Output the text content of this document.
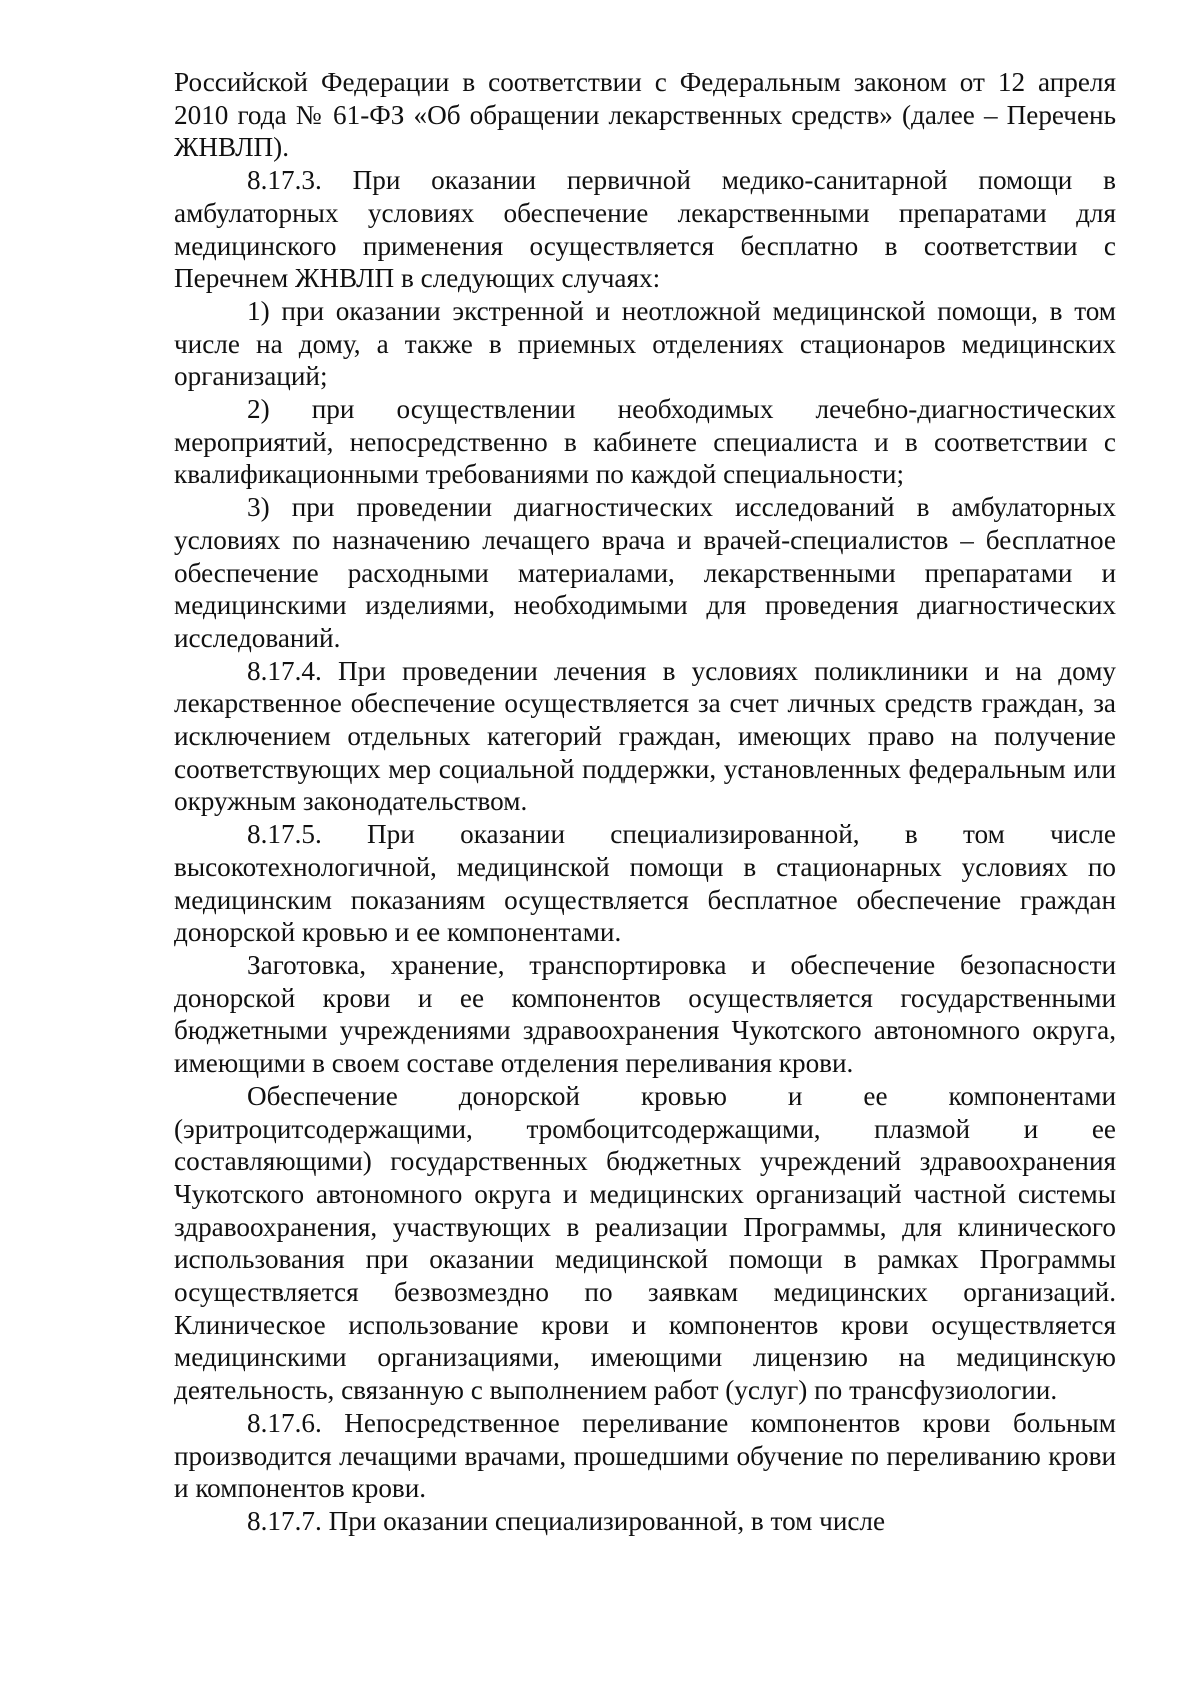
Российской Федерации в соответствии с Федеральным законом от 12 апреля 2010 года № 61-ФЗ «Об обращении лекарственных средств» (далее – Перечень ЖНВЛП).

8.17.3. При оказании первичной медико-санитарной помощи в амбулаторных условиях обеспечение лекарственными препаратами для медицинского применения осуществляется бесплатно в соответствии с Перечнем ЖНВЛП в следующих случаях:

1) при оказании экстренной и неотложной медицинской помощи, в том числе на дому, а также в приемных отделениях стационаров медицинских организаций;

2) при осуществлении необходимых лечебно-диагностических мероприятий, непосредственно в кабинете специалиста и в соответствии с квалификационными требованиями по каждой специальности;

3) при проведении диагностических исследований в амбулаторных условиях по назначению лечащего врача и врачей-специалистов – бесплатное обеспечение расходными материалами, лекарственными препаратами и медицинскими изделиями, необходимыми для проведения диагностических исследований.

8.17.4. При проведении лечения в условиях поликлиники и на дому лекарственное обеспечение осуществляется за счет личных средств граждан, за исключением отдельных категорий граждан, имеющих право на получение соответствующих мер социальной поддержки, установленных федеральным или окружным законодательством.

8.17.5. При оказании специализированной, в том числе высокотехнологичной, медицинской помощи в стационарных условиях по медицинским показаниям осуществляется бесплатное обеспечение граждан донорской кровью и ее компонентами.

Заготовка, хранение, транспортировка и обеспечение безопасности донорской крови и ее компонентов осуществляется государственными бюджетными учреждениями здравоохранения Чукотского автономного округа, имеющими в своем составе отделения переливания крови.

Обеспечение донорской кровью и ее компонентами (эритроцитсодержащими, тромбоцитсодержащими, плазмой и ее составляющими) государственных бюджетных учреждений здравоохранения Чукотского автономного округа и медицинских организаций частной системы здравоохранения, участвующих в реализации Программы, для клинического использования при оказании медицинской помощи в рамках Программы осуществляется безвозмездно по заявкам медицинских организаций. Клиническое использование крови и компонентов крови осуществляется медицинскими организациями, имеющими лицензию на медицинскую деятельность, связанную с выполнением работ (услуг) по трансфузиологии.

8.17.6. Непосредственное переливание компонентов крови больным производится лечащими врачами, прошедшими обучение по переливанию крови и компонентов крови.

8.17.7. При оказании специализированной, в том числе
